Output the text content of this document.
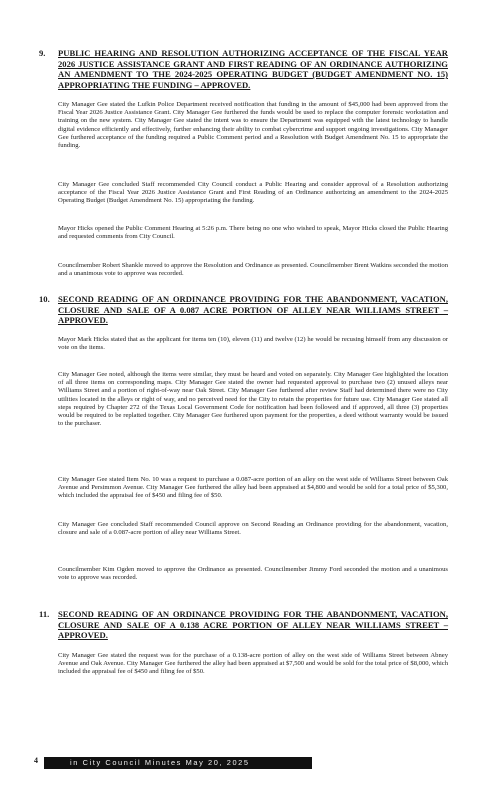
9. PUBLIC HEARING AND RESOLUTION AUTHORIZING ACCEPTANCE OF THE FISCAL YEAR 2026 JUSTICE ASSISTANCE GRANT AND FIRST READING OF AN ORDINANCE AUTHORIZING AN AMENDMENT TO THE 2024-2025 OPERATING BUDGET (BUDGET AMENDMENT NO. 15) APPROPRIATING THE FUNDING – APPROVED.
City Manager Gee stated the Lufkin Police Department received notification that funding in the amount of $45,000 had been approved from the Fiscal Year 2026 Justice Assistance Grant. City Manager Gee furthered the funds would be used to replace the computer forensic workstation and training on the new system. City Manager Gee stated the intent was to ensure the Department was equipped with the latest technology to handle digital evidence efficiently and effectively, further enhancing their ability to combat cybercrime and support ongoing investigations. City Manager Gee furthered acceptance of the funding required a Public Comment period and a Resolution with Budget Amendment No. 15 to appropriate the funding.
City Manager Gee concluded Staff recommended City Council conduct a Public Hearing and consider approval of a Resolution authorizing acceptance of the Fiscal Year 2026 Justice Assistance Grant and First Reading of an Ordinance authorizing an amendment to the 2024-2025 Operating Budget (Budget Amendment No. 15) appropriating the funding.
Mayor Hicks opened the Public Comment Hearing at 5:26 p.m. There being no one who wished to speak, Mayor Hicks closed the Public Hearing and requested comments from City Council.
Councilmember Robert Shankle moved to approve the Resolution and Ordinance as presented. Councilmember Brent Watkins seconded the motion and a unanimous vote to approve was recorded.
10. SECOND READING OF AN ORDINANCE PROVIDING FOR THE ABANDONMENT, VACATION, CLOSURE AND SALE OF A 0.087 ACRE PORTION OF ALLEY NEAR WILLIAMS STREET – APPROVED.
Mayor Mark Hicks stated that as the applicant for items ten (10), eleven (11) and twelve (12) he would be recusing himself from any discussion or vote on the items.
City Manager Gee noted, although the items were similar, they must be heard and voted on separately. City Manager Gee highlighted the location of all three items on corresponding maps. City Manager Gee stated the owner had requested approval to purchase two (2) unused alleys near Williams Street and a portion of right-of-way near Oak Street. City Manager Gee furthered after review Staff had determined there were no City utilities located in the alleys or right of way, and no perceived need for the City to retain the properties for future use. City Manager Gee stated all steps required by Chapter 272 of the Texas Local Government Code for notification had been followed and if approved, all three (3) properties would be required to be replatted together. City Manager Gee furthered upon payment for the properties, a deed without warranty would be issued to the purchaser.
City Manager Gee stated Item No. 10 was a request to purchase a 0.087-acre portion of an alley on the west side of Williams Street between Oak Avenue and Persimmon Avenue. City Manager Gee furthered the alley had been appraised at $4,800 and would be sold for a total price of $5,300, which included the appraisal fee of $450 and filing fee of $50.
City Manager Gee concluded Staff recommended Council approve on Second Reading an Ordinance providing for the abandonment, vacation, closure and sale of a 0.087-acre portion of alley near Williams Street.
Councilmember Kim Ogden moved to approve the Ordinance as presented. Councilmember Jimmy Ford seconded the motion and a unanimous vote to approve was recorded.
11. SECOND READING OF AN ORDINANCE PROVIDING FOR THE ABANDONMENT, VACATION, CLOSURE AND SALE OF A 0.138 ACRE PORTION OF ALLEY NEAR WILLIAMS STREET – APPROVED.
City Manager Gee stated the request was for the purchase of a 0.138-acre portion of alley on the west side of Williams Street between Abney Avenue and Oak Avenue. City Manager Gee furthered the alley had been appraised at $7,500 and would be sold for the total price of $8,000, which included the appraisal fee of $450 and filing fee of $50.
4	in City Council Minutes May 20, 2025
